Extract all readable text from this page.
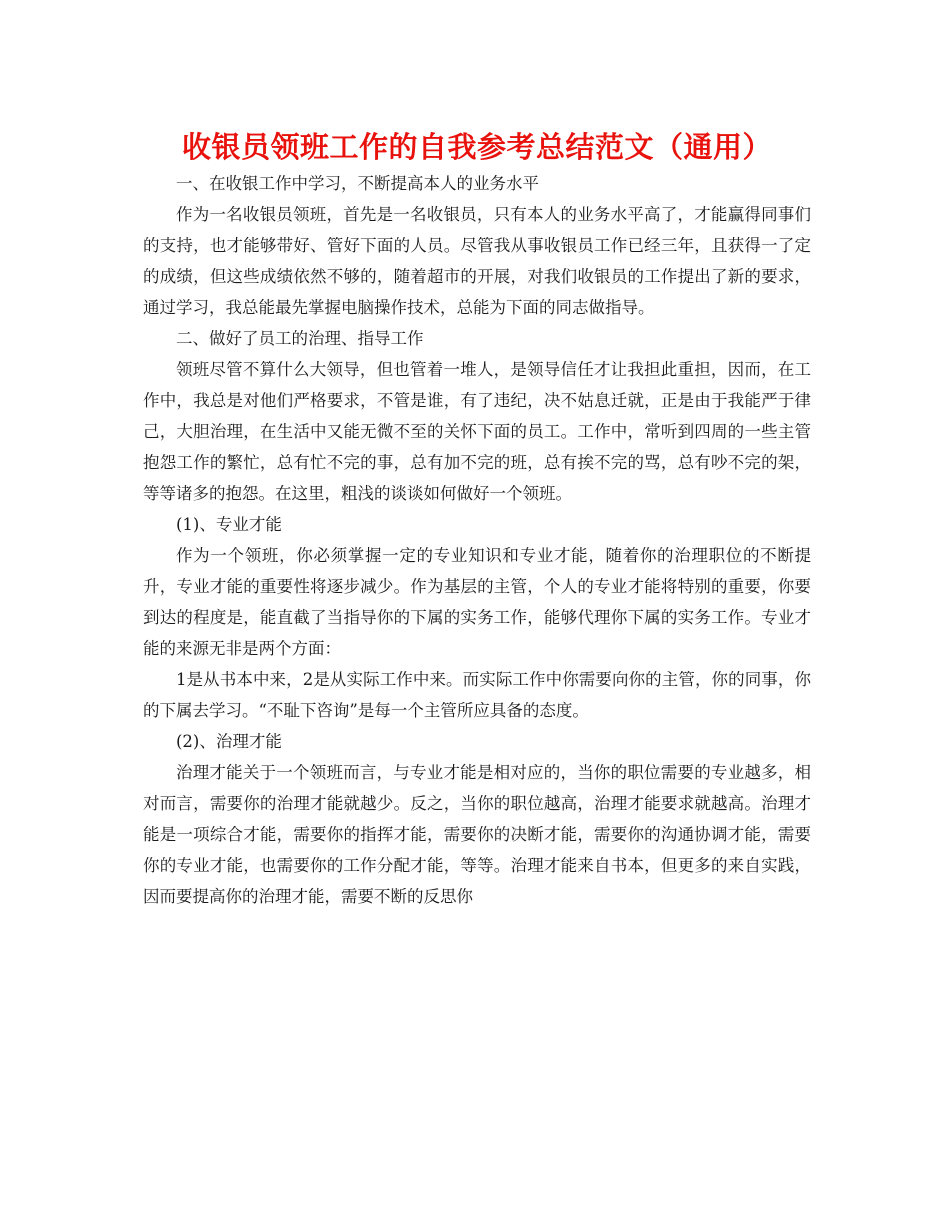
收银员领班工作的自我参考总结范文（通用）

一、在收银工作中学习，不断提高本人的业务水平

作为一名收银员领班，首先是一名收银员，只有本人的业务水平高了，才能赢得同事们的支持，也才能够带好、管好下面的人员。尽管我从事收银员工作已经三年，且获得一了定的成绩，但这些成绩依然不够的，随着超市的开展，对我们收银员的工作提出了新的要求，通过学习，我总能最先掌握电脑操作技术，总能为下面的同志做指导。

二、做好了员工的治理、指导工作

领班尽管不算什么大领导，但也管着一堆人，是领导信任才让我担此重担，因而，在工作中，我总是对他们严格要求，不管是谁，有了违纪，决不姑息迁就，正是由于我能严于律己，大胆治理，在生活中又能无微不至的关怀下面的员工。工作中，常听到四周的一些主管抱怨工作的繁忙，总有忙不完的事，总有加不完的班，总有挨不完的骂，总有吵不完的架，等等诸多的抱怨。在这里，粗浅的谈谈如何做好一个领班。

(1)、专业才能

作为一个领班，你必须掌握一定的专业知识和专业才能，随着你的治理职位的不断提升，专业才能的重要性将逐步减少。作为基层的主管，个人的专业才能将特别的重要，你要到达的程度是，能直截了当指导你的下属的实务工作，能够代理你下属的实务工作。专业才能的来源无非是两个方面：

1是从书本中来，2是从实际工作中来。而实际工作中你需要向你的主管，你的同事，你的下属去学习。“不耻下咨询”是每一个主管所应具备的态度。

(2)、治理才能

治理才能关于一个领班而言，与专业才能是相对应的，当你的职位需要的专业越多，相对而言，需要你的治理才能就越少。反之，当你的职位越高，治理才能要求就越高。治理才能是一项综合才能，需要你的指挥才能，需要你的决断才能，需要你的沟通协调才能，需要你的专业才能，也需要你的工作分配才能，等等。治理才能来自书本，但更多的来自实践，因而要提高你的治理才能，需要不断的反思你
